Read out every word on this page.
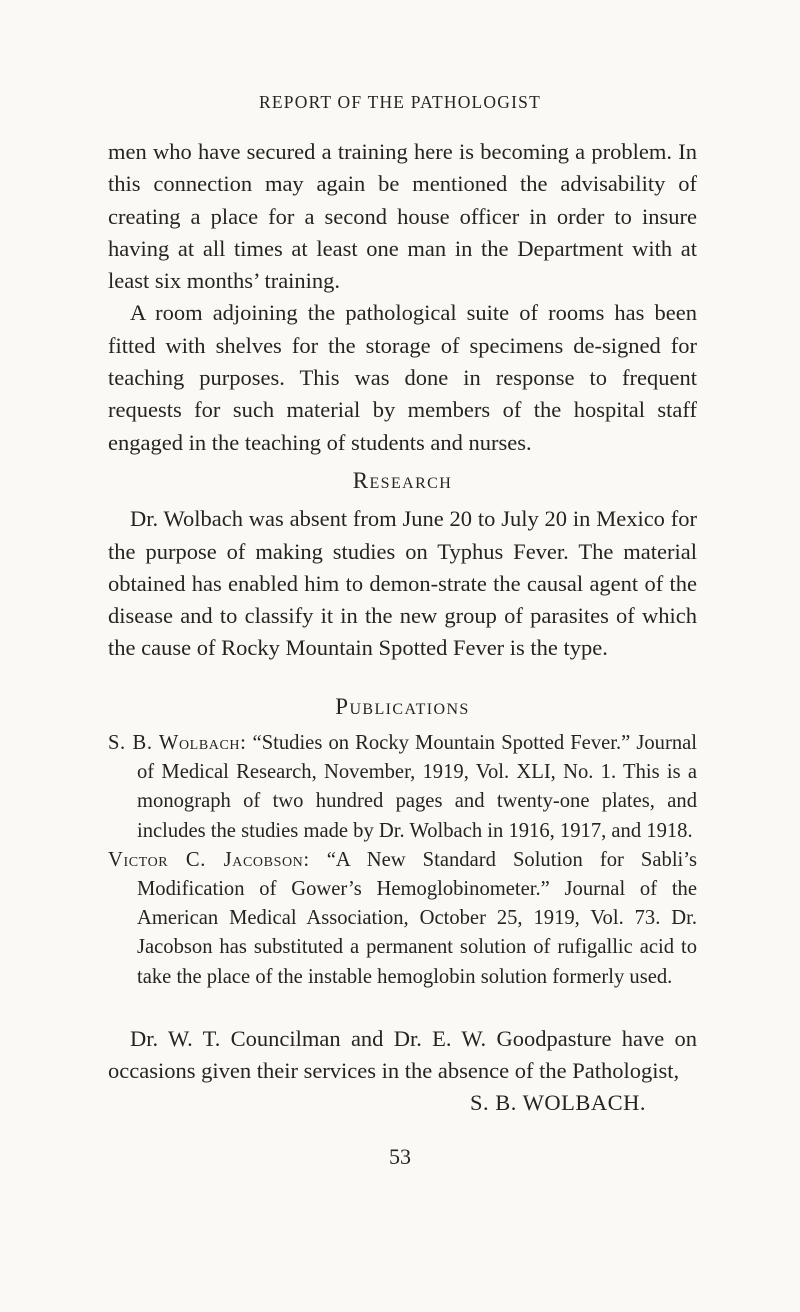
REPORT OF THE PATHOLOGIST

men who have secured a training here is becoming a problem. In this connection may again be mentioned the advisability of creating a place for a second house officer in order to insure having at all times at least one man in the Department with at least six months’ training.

A room adjoining the pathological suite of rooms has been fitted with shelves for the storage of specimens de-signed for teaching purposes. This was done in response to frequent requests for such material by members of the hospital staff engaged in the teaching of students and nurses.

Research

Dr. Wolbach was absent from June 20 to July 20 in Mexico for the purpose of making studies on Typhus Fever. The material obtained has enabled him to demon-strate the causal agent of the disease and to classify it in the new group of parasites of which the cause of Rocky Mountain Spotted Fever is the type.

Publications

S. B. Wolbach: “Studies on Rocky Mountain Spotted Fever.” Journal of Medical Research, November, 1919, Vol. XLI, No. 1. This is a monograph of two hundred pages and twenty-one plates, and includes the studies made by Dr. Wolbach in 1916, 1917, and 1918.

Victor C. Jacobson: “A New Standard Solution for Sabli’s Modification of Gower’s Hemoglobinometer.” Journal of the American Medical Association, October 25, 1919, Vol. 73. Dr. Jacobson has substituted a permanent solution of rufigallic acid to take the place of the instable hemoglobin solution formerly used.

Dr. W. T. Councilman and Dr. E. W. Goodpasture have on occasions given their services in the absence of the Pathologist,

S. B. WOLBACH.

53
